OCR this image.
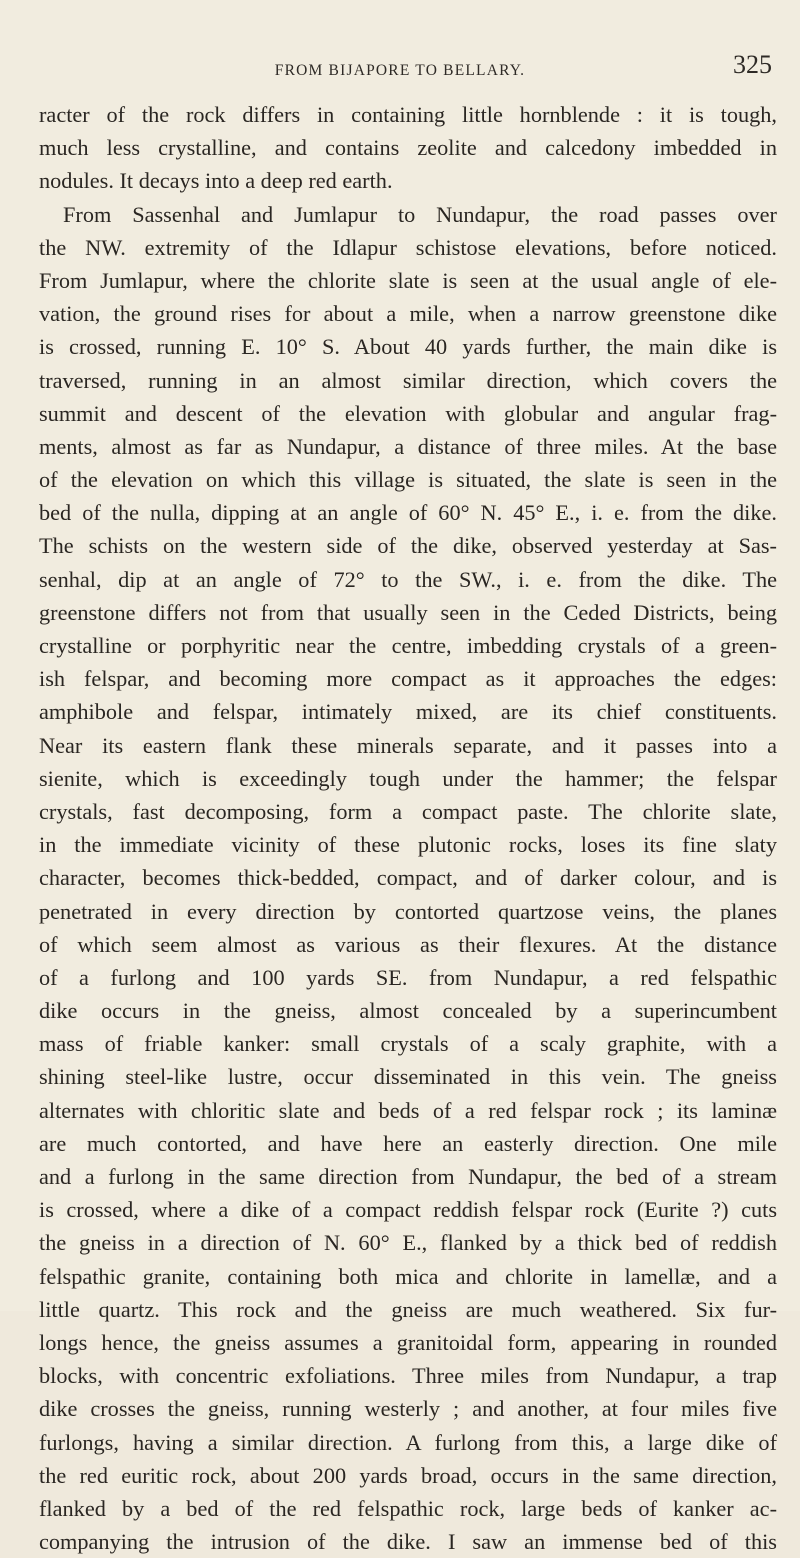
FROM BIJAPORE TO BELLARY.	325
racter of the rock differs in containing little hornblende : it is tough,
much less crystalline, and contains zeolite and calcedony imbedded in
nodules. It decays into a deep red earth.
From Sassenhal and Jumlapur to Nundapur, the road passes over
the NW. extremity of the Idlapur schistose elevations, before noticed.
From Jumlapur, where the chlorite slate is seen at the usual angle of ele-
vation, the ground rises for about a mile, when a narrow greenstone dike
is crossed, running E. 10° S. About 40 yards further, the main dike is
traversed, running in an almost similar direction, which covers the
summit and descent of the elevation with globular and angular frag-
ments, almost as far as Nundapur, a distance of three miles. At the base
of the elevation on which this village is situated, the slate is seen in the
bed of the nulla, dipping at an angle of 60° N. 45° E., i. e. from the dike.
The schists on the western side of the dike, observed yesterday at Sas-
senhal, dip at an angle of 72° to the SW., i. e. from the dike. The
greenstone differs not from that usually seen in the Ceded Districts, being
crystalline or porphyritic near the centre, imbedding crystals of a green-
ish felspar, and becoming more compact as it approaches the edges:
amphibole and felspar, intimately mixed, are its chief constituents.
Near its eastern flank these minerals separate, and it passes into a
sienite, which is exceedingly tough under the hammer; the felspar
crystals, fast decomposing, form a compact paste. The chlorite slate,
in the immediate vicinity of these plutonic rocks, loses its fine slaty
character, becomes thick-bedded, compact, and of darker colour, and is
penetrated in every direction by contorted quartzose veins, the planes
of which seem almost as various as their flexures. At the distance
of a furlong and 100 yards SE. from Nundapur, a red felspathic
dike occurs in the gneiss, almost concealed by a superincumbent
mass of friable kanker: small crystals of a scaly graphite, with a
shining steel-like lustre, occur disseminated in this vein. The gneiss
alternates with chloritic slate and beds of a red felspar rock ; its laminæ
are much contorted, and have here an easterly direction. One mile
and a furlong in the same direction from Nundapur, the bed of a stream
is crossed, where a dike of a compact reddish felspar rock (Eurite ?) cuts
the gneiss in a direction of N. 60° E., flanked by a thick bed of reddish
felspathic granite, containing both mica and chlorite in lamellæ, and a
little quartz. This rock and the gneiss are much weathered. Six fur-
longs hence, the gneiss assumes a granitoidal form, appearing in rounded
blocks, with concentric exfoliations. Three miles from Nundapur, a trap
dike crosses the gneiss, running westerly ; and another, at four miles five
furlongs, having a similar direction. A furlong from this, a large dike of
the red euritic rock, about 200 yards broad, occurs in the same direction,
flanked by a bed of the red felspathic rock, large beds of kanker ac-
companying the intrusion of the dike. I saw an immense bed of this
